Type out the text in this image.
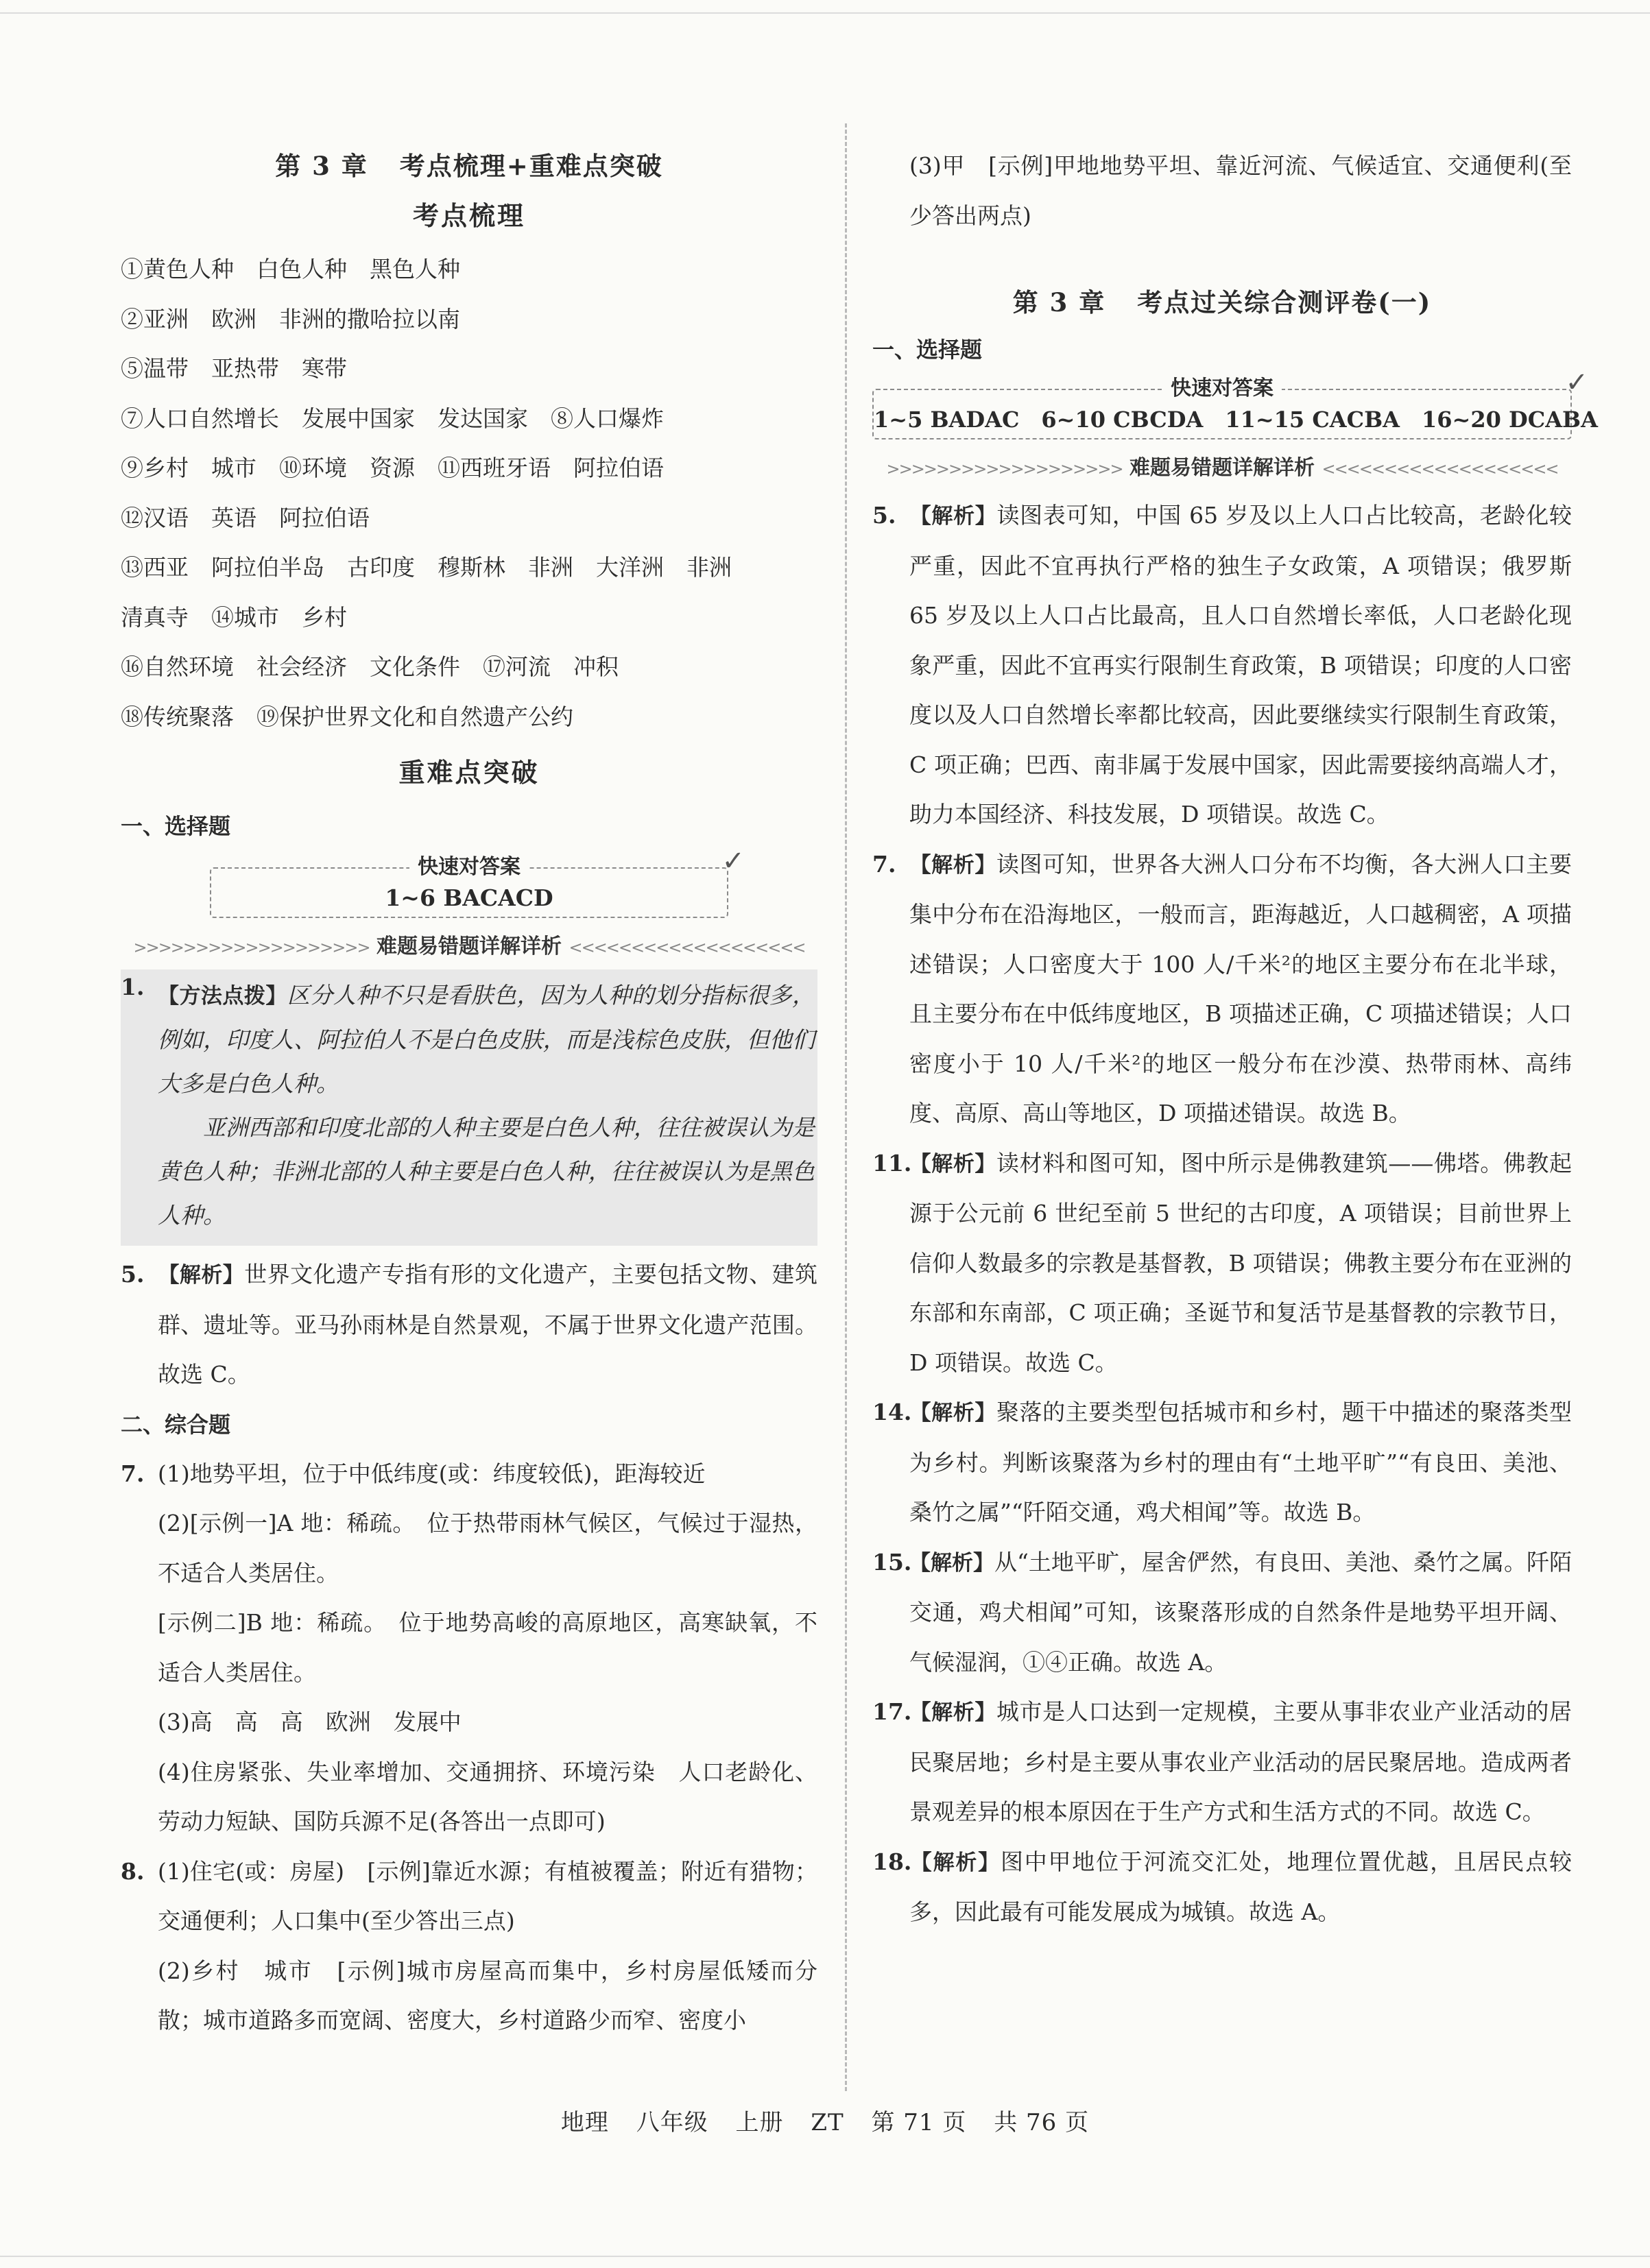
第 3 章 考点梳理+重难点突破
考点梳理
①黄色人种　白色人种　黑色人种
②亚洲　欧洲　非洲的撒哈拉以南
⑤温带　亚热带　寒带
⑦人口自然增长　发展中国家　发达国家　⑧人口爆炸
⑨乡村　城市　⑩环境　资源　⑪西班牙语　阿拉伯语
⑫汉语　英语　阿拉伯语
⑬西亚　阿拉伯半岛　古印度　穆斯林　非洲　大洋洲　非洲
清真寺　⑭城市　乡村
⑯自然环境　社会经济　文化条件　⑰河流　冲积
⑱传统聚落　⑲保护世界文化和自然遗产公约
重难点突破
一、选择题
快速对答案
1~6 BACACD
✓
>>>>>>>>>>>>>>>>>>> 难题易错题详解详析 <<<<<<<<<<<<<<<<<<<
1. 【方法点拨】区分人种不只是看肤色，因为人种的划分指标很多，例如，印度人、阿拉伯人不是白色皮肤，而是浅棕色皮肤，但他们大多是白色人种。
亚洲西部和印度北部的人种主要是白色人种，往往被误认为是黄色人种；非洲北部的人种主要是白色人种，往往被误认为是黑色人种。
5. 【解析】世界文化遗产专指有形的文化遗产，主要包括文物、建筑群、遗址等。亚马孙雨林是自然景观，不属于世界文化遗产范围。故选 C。
二、综合题
7. (1)地势平坦，位于中低纬度(或：纬度较低)，距海较近
(2)[示例一]A 地：稀疏。　位于热带雨林气候区，气候过于湿热，不适合人类居住。
[示例二]B 地：稀疏。　位于地势高峻的高原地区，高寒缺氧，不适合人类居住。
(3)高　高　高　欧洲　发展中
(4)住房紧张、失业率增加、交通拥挤、环境污染　人口老龄化、劳动力短缺、国防兵源不足(各答出一点即可)
8. (1)住宅(或：房屋)　[示例]靠近水源；有植被覆盖；附近有猎物；交通便利；人口集中(至少答出三点)
(2)乡村　城市　[示例]城市房屋高而集中，乡村房屋低矮而分散；城市道路多而宽阔、密度大，乡村道路少而窄、密度小
(3)甲　[示例]甲地地势平坦、靠近河流、气候适宜、交通便利(至少答出两点)
第 3 章 考点过关综合测评卷(一)
一、选择题
快速对答案
1~5 BADAC　6~10 CBCDA　11~15 CACBA　16~20 DCABA
✓
>>>>>>>>>>>>>>>>>>> 难题易错题详解详析 <<<<<<<<<<<<<<<<<<<
5. 【解析】读图表可知，中国 65 岁及以上人口占比较高，老龄化较严重，因此不宜再执行严格的独生子女政策，A 项错误；俄罗斯 65 岁及以上人口占比最高，且人口自然增长率低，人口老龄化现象严重，因此不宜再实行限制生育政策，B 项错误；印度的人口密度以及人口自然增长率都比较高，因此要继续实行限制生育政策，C 项正确；巴西、南非属于发展中国家，因此需要接纳高端人才，助力本国经济、科技发展，D 项错误。故选 C。
7. 【解析】读图可知，世界各大洲人口分布不均衡，各大洲人口主要集中分布在沿海地区，一般而言，距海越近，人口越稠密，A 项描述错误；人口密度大于 100 人/千米²的地区主要分布在北半球，且主要分布在中低纬度地区，B 项描述正确，C 项描述错误；人口密度小于 10 人/千米²的地区一般分布在沙漠、热带雨林、高纬度、高原、高山等地区，D 项描述错误。故选 B。
11.【解析】读材料和图可知，图中所示是佛教建筑——佛塔。佛教起源于公元前 6 世纪至前 5 世纪的古印度，A 项错误；目前世界上信仰人数最多的宗教是基督教，B 项错误；佛教主要分布在亚洲的东部和东南部，C 项正确；圣诞节和复活节是基督教的宗教节日，D 项错误。故选 C。
14.【解析】聚落的主要类型包括城市和乡村，题干中描述的聚落类型为乡村。判断该聚落为乡村的理由有“土地平旷”“有良田、美池、桑竹之属”“阡陌交通，鸡犬相闻”等。故选 B。
15.【解析】从“土地平旷，屋舍俨然，有良田、美池、桑竹之属。阡陌交通，鸡犬相闻”可知，该聚落形成的自然条件是地势平坦开阔、气候湿润，①④正确。故选 A。
17.【解析】城市是人口达到一定规模，主要从事非农业产业活动的居民聚居地；乡村是主要从事农业产业活动的居民聚居地。造成两者景观差异的根本原因在于生产方式和生活方式的不同。故选 C。
18.【解析】图中甲地位于河流交汇处，地理位置优越，且居民点较多，因此最有可能发展成为城镇。故选 A。
地理 八年级 上册 ZT 第 71 页 共 76 页
